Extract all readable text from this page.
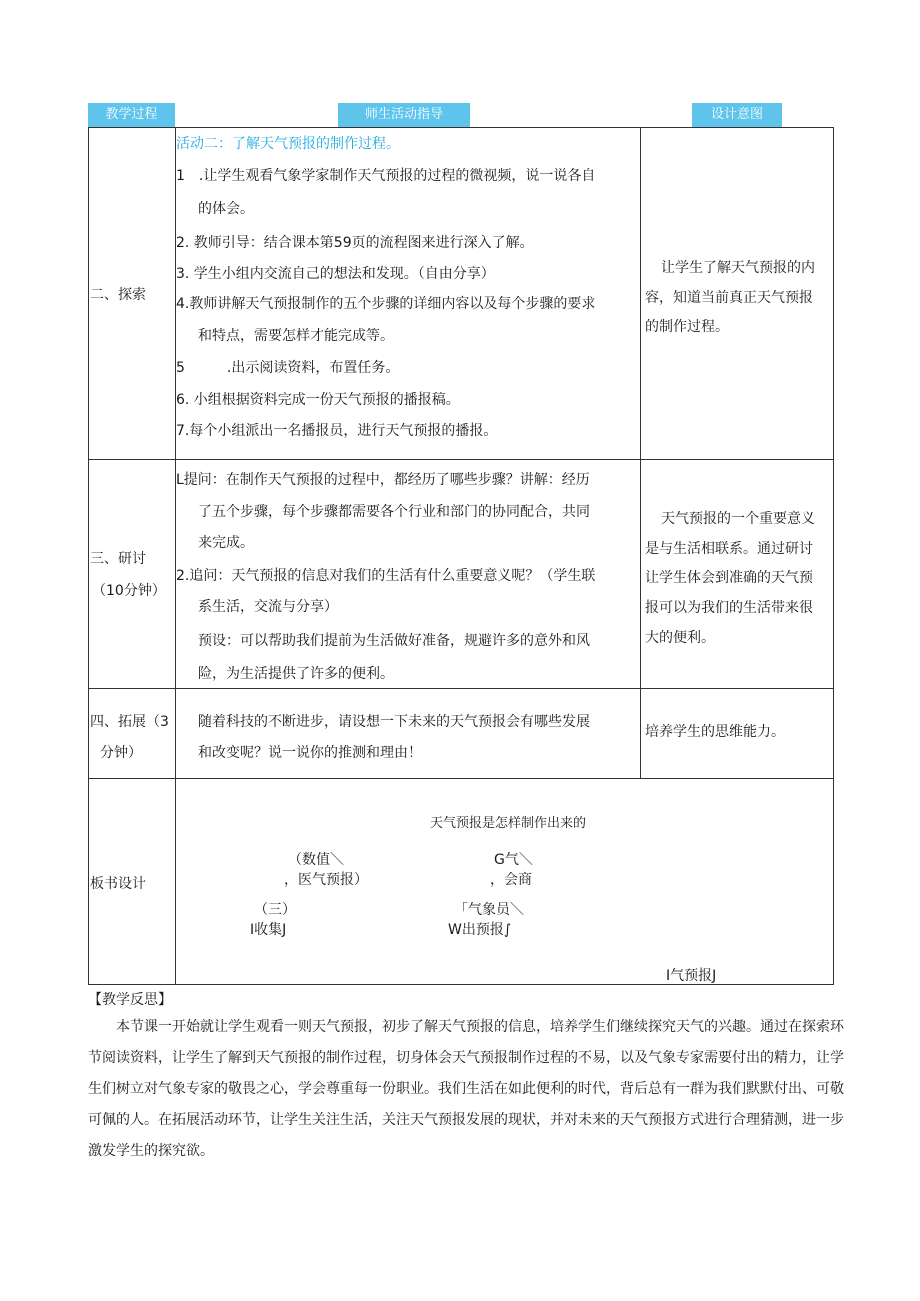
教学过程	师生活动指导	设计意图
二、探索
活动二：了解天气预报的制作过程。
1　.让学生观看气象学家制作天气预报的过程的微视频，说一说各自
的体会。
2. 教师引导：结合课本第59页的流程图来进行深入了解。
3. 学生小组内交流自己的想法和发现。（自由分享）
4.教师讲解天气预报制作的五个步骤的详细内容以及每个步骤的要求
和特点，需要怎样才能完成等。
5　　　.出示阅读资料，布置任务。
6. 小组根据资料完成一份天气预报的播报稿。
7.每个小组派出一名播报员，进行天气预报的播报。
让学生了解天气预报的内
容，知道当前真正天气预报
的制作过程。
三、研讨
（10分钟）
L提问：在制作天气预报的过程中，都经历了哪些步骤？讲解：经历
了五个步骤，每个步骤都需要各个行业和部门的协同配合，共同
来完成。
2.追问：天气预报的信息对我们的生活有什么重要意义呢？（学生联
系生活，交流与分享）
预设：可以帮助我们提前为生活做好准备，规避许多的意外和风
险，为生活提供了许多的便利。
天气预报的一个重要意义
是与生活相联系。通过研讨
让学生体会到准确的天气预
报可以为我们的生活带来很
大的便利。
四、拓展（3
分钟）
随着科技的不断进步，请设想一下未来的天气预报会有哪些发展
和改变呢？说一说你的推测和理由！
培养学生的思维能力。
板书设计
天气预报是怎样制作出来的
（数值＼
，医气预报）
G气＼
，会商
（三）
I收集J
「气象员＼
W出预报∫
I气预报J
【教学反思】

本节课一开始就让学生观看一则天气预报，初步了解天气预报的信息，培养学生们继续探究天气的兴趣。通过在探索环节阅读资料，让学生了解到天气预报的制作过程，切身体会天气预报制作过程的不易，以及气象专家需要付出的精力，让学生们树立对气象专家的敬畏之心，学会尊重每一份职业。我们生活在如此便利的时代，背后总有一群为我们默默付出、可敬可佩的人。在拓展活动环节，让学生关注生活，关注天气预报发展的现状，并对未来的天气预报方式进行合理猜测，进一步激发学生的探究欲。
